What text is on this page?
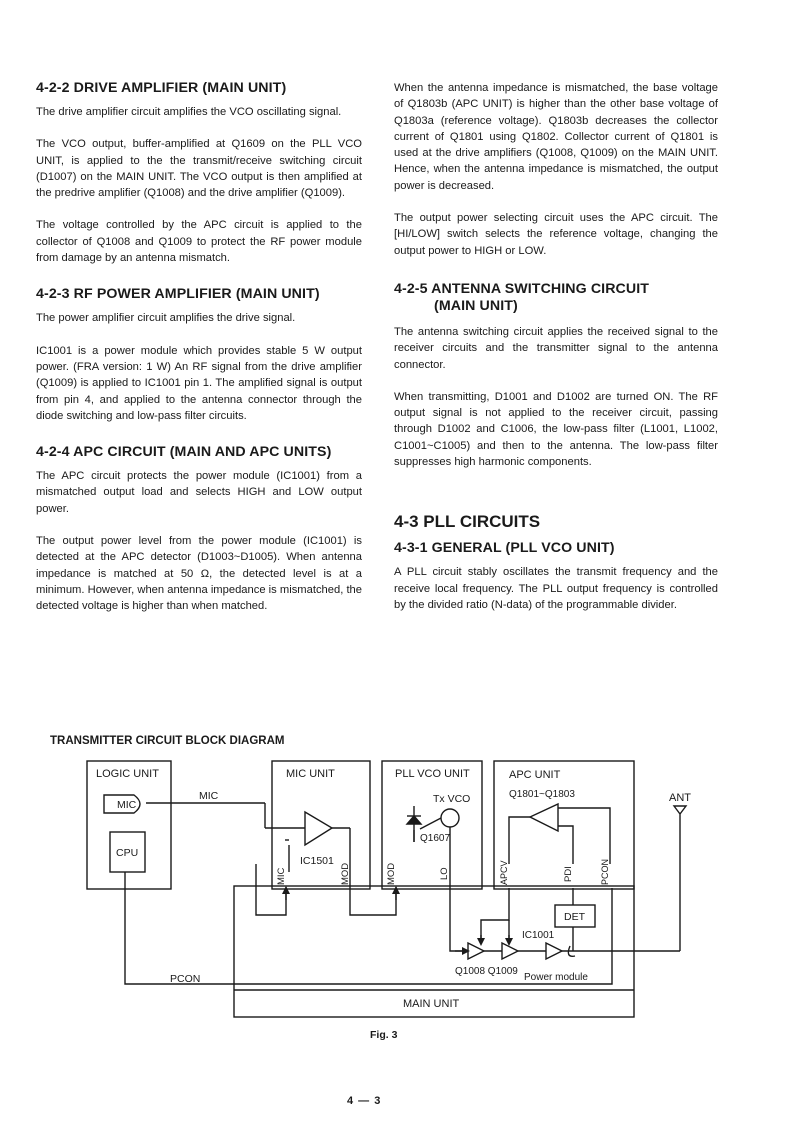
4-2-2 DRIVE AMPLIFIER (MAIN UNIT)

The drive amplifier circuit amplifies the VCO oscillating signal.

The VCO output, buffer-amplified at Q1609 on the PLL VCO UNIT, is applied to the the transmit/receive switching circuit (D1007) on the MAIN UNIT. The VCO output is then amplified at the predrive amplifier (Q1008) and the drive amplifier (Q1009).

The voltage controlled by the APC circuit is applied to the collector of Q1008 and Q1009 to protect the RF power module from damage by an antenna mismatch.

4-2-3 RF POWER AMPLIFIER (MAIN UNIT)

The power amplifier circuit amplifies the drive signal.

IC1001 is a power module which provides stable 5 W output power. (FRA version: 1 W) An RF signal from the drive amplifier (Q1009) is applied to IC1001 pin 1. The amplified signal is output from pin 4, and applied to the antenna connector through the diode switching and low-pass filter circuits.

4-2-4 APC CIRCUIT (MAIN AND APC UNITS)

The APC circuit protects the power module (IC1001) from a mismatched output load and selects HIGH and LOW output power.

The output power level from the power module (IC1001) is detected at the APC detector (D1003~D1005). When antenna impedance is matched at 50 Ω, the detected level is at a minimum. However, when antenna impedance is mismatched, the detected voltage is higher than when matched.

When the antenna impedance is mismatched, the base voltage of Q1803b (APC UNIT) is higher than the other base voltage of Q1803a (reference voltage). Q1803b decreases the collector current of Q1801 using Q1802. Collector current of Q1801 is used at the drive amplifiers (Q1008, Q1009) on the MAIN UNIT. Hence, when the antenna impedance is mismatched, the output power is decreased.

The output power selecting circuit uses the APC circuit. The [HI/LOW] switch selects the reference voltage, changing the output power to HIGH or LOW.

4-2-5 ANTENNA SWITCHING CIRCUIT

(MAIN UNIT)

The antenna switching circuit applies the received signal to the receiver circuits and the transmitter signal to the antenna connector.

When transmitting, D1001 and D1002 are turned ON. The RF output signal is not applied to the receiver circuit, passing through D1002 and C1006, the low-pass filter (L1001, L1002, C1001~C1005) and then to the antenna. The low-pass filter suppresses high harmonic components.

4-3 PLL CIRCUITS
4-3-1 GENERAL (PLL VCO UNIT)

A PLL circuit stably oscillates the transmit frequency and the receive local frequency. The PLL output frequency is controlled by the divided ratio (N-data) of the programmable divider.

TRANSMITTER CIRCUIT BLOCK DIAGRAM

LOGIC UNIT
MIC
CPU
MIC
MIC UNIT
IC1501
PLL VCO UNIT
Tx VCO
Q1607
APC UNIT
Q1801~Q1803	ANT
MIC	MOD	MOD	LO	APCV	PDI	PCON
DET
IC1001
Q1008 Q1009
Power module
PCON
MAIN UNIT
Fig. 3
4 — 3
